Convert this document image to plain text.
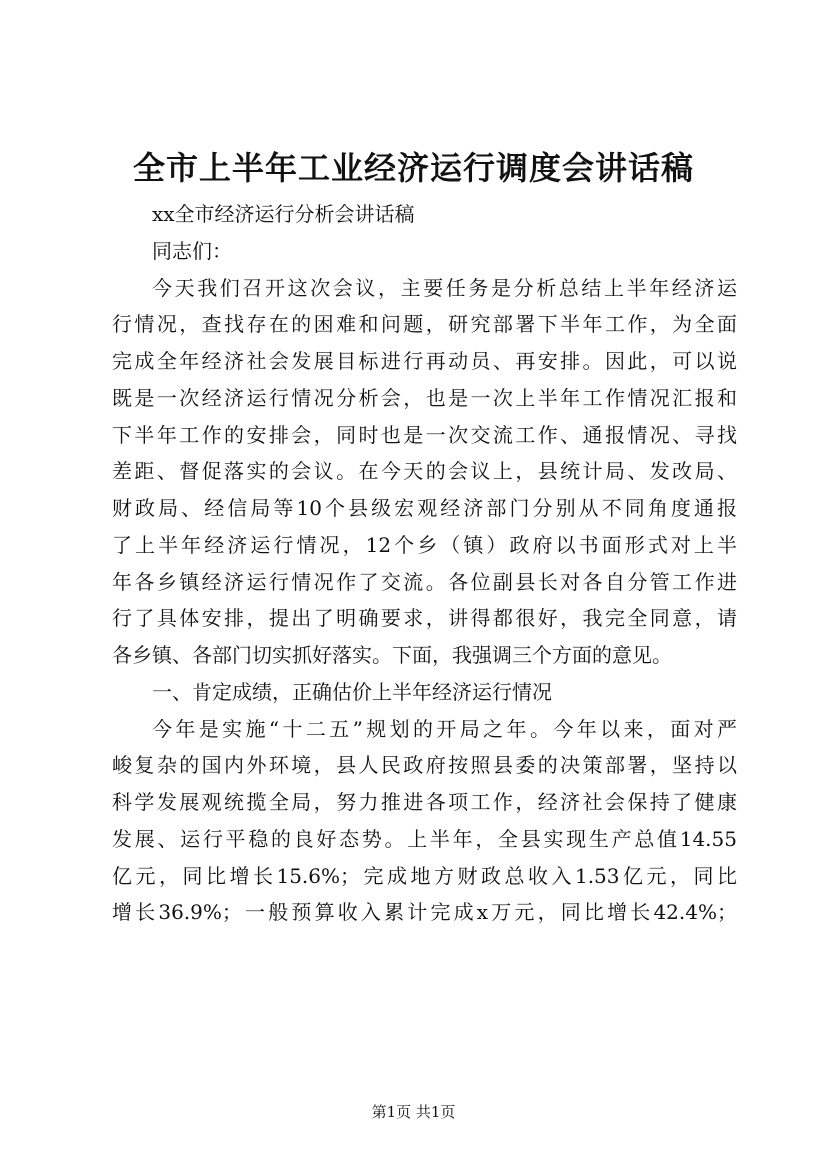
全市上半年工业经济运行调度会讲话稿
xx全市经济运行分析会讲话稿
同志们：
今天我们召开这次会议，主要任务是分析总结上半年经济运
行情况，查找存在的困难和问题，研究部署下半年工作，为全面
完成全年经济社会发展目标进行再动员、再安排。因此，可以说
既是一次经济运行情况分析会，也是一次上半年工作情况汇报和
下半年工作的安排会，同时也是一次交流工作、通报情况、寻找
差距、督促落实的会议。在今天的会议上，县统计局、发改局、
财政局、经信局等10个县级宏观经济部门分别从不同角度通报
了上半年经济运行情况，12个乡（镇）政府以书面形式对上半
年各乡镇经济运行情况作了交流。各位副县长对各自分管工作进
行了具体安排，提出了明确要求，讲得都很好，我完全同意，请
各乡镇、各部门切实抓好落实。下面，我强调三个方面的意见。
一、肯定成绩，正确估价上半年经济运行情况
今年是实施“十二五”规划的开局之年。今年以来，面对严
峻复杂的国内外环境，县人民政府按照县委的决策部署，坚持以
科学发展观统揽全局，努力推进各项工作，经济社会保持了健康
发展、运行平稳的良好态势。上半年，全县实现生产总值14.55
亿元，同比增长15.6%；完成地方财政总收入1.53亿元，同比
增长36.9%；一般预算收入累计完成x万元，同比增长42.4%；
第1页 共1页
